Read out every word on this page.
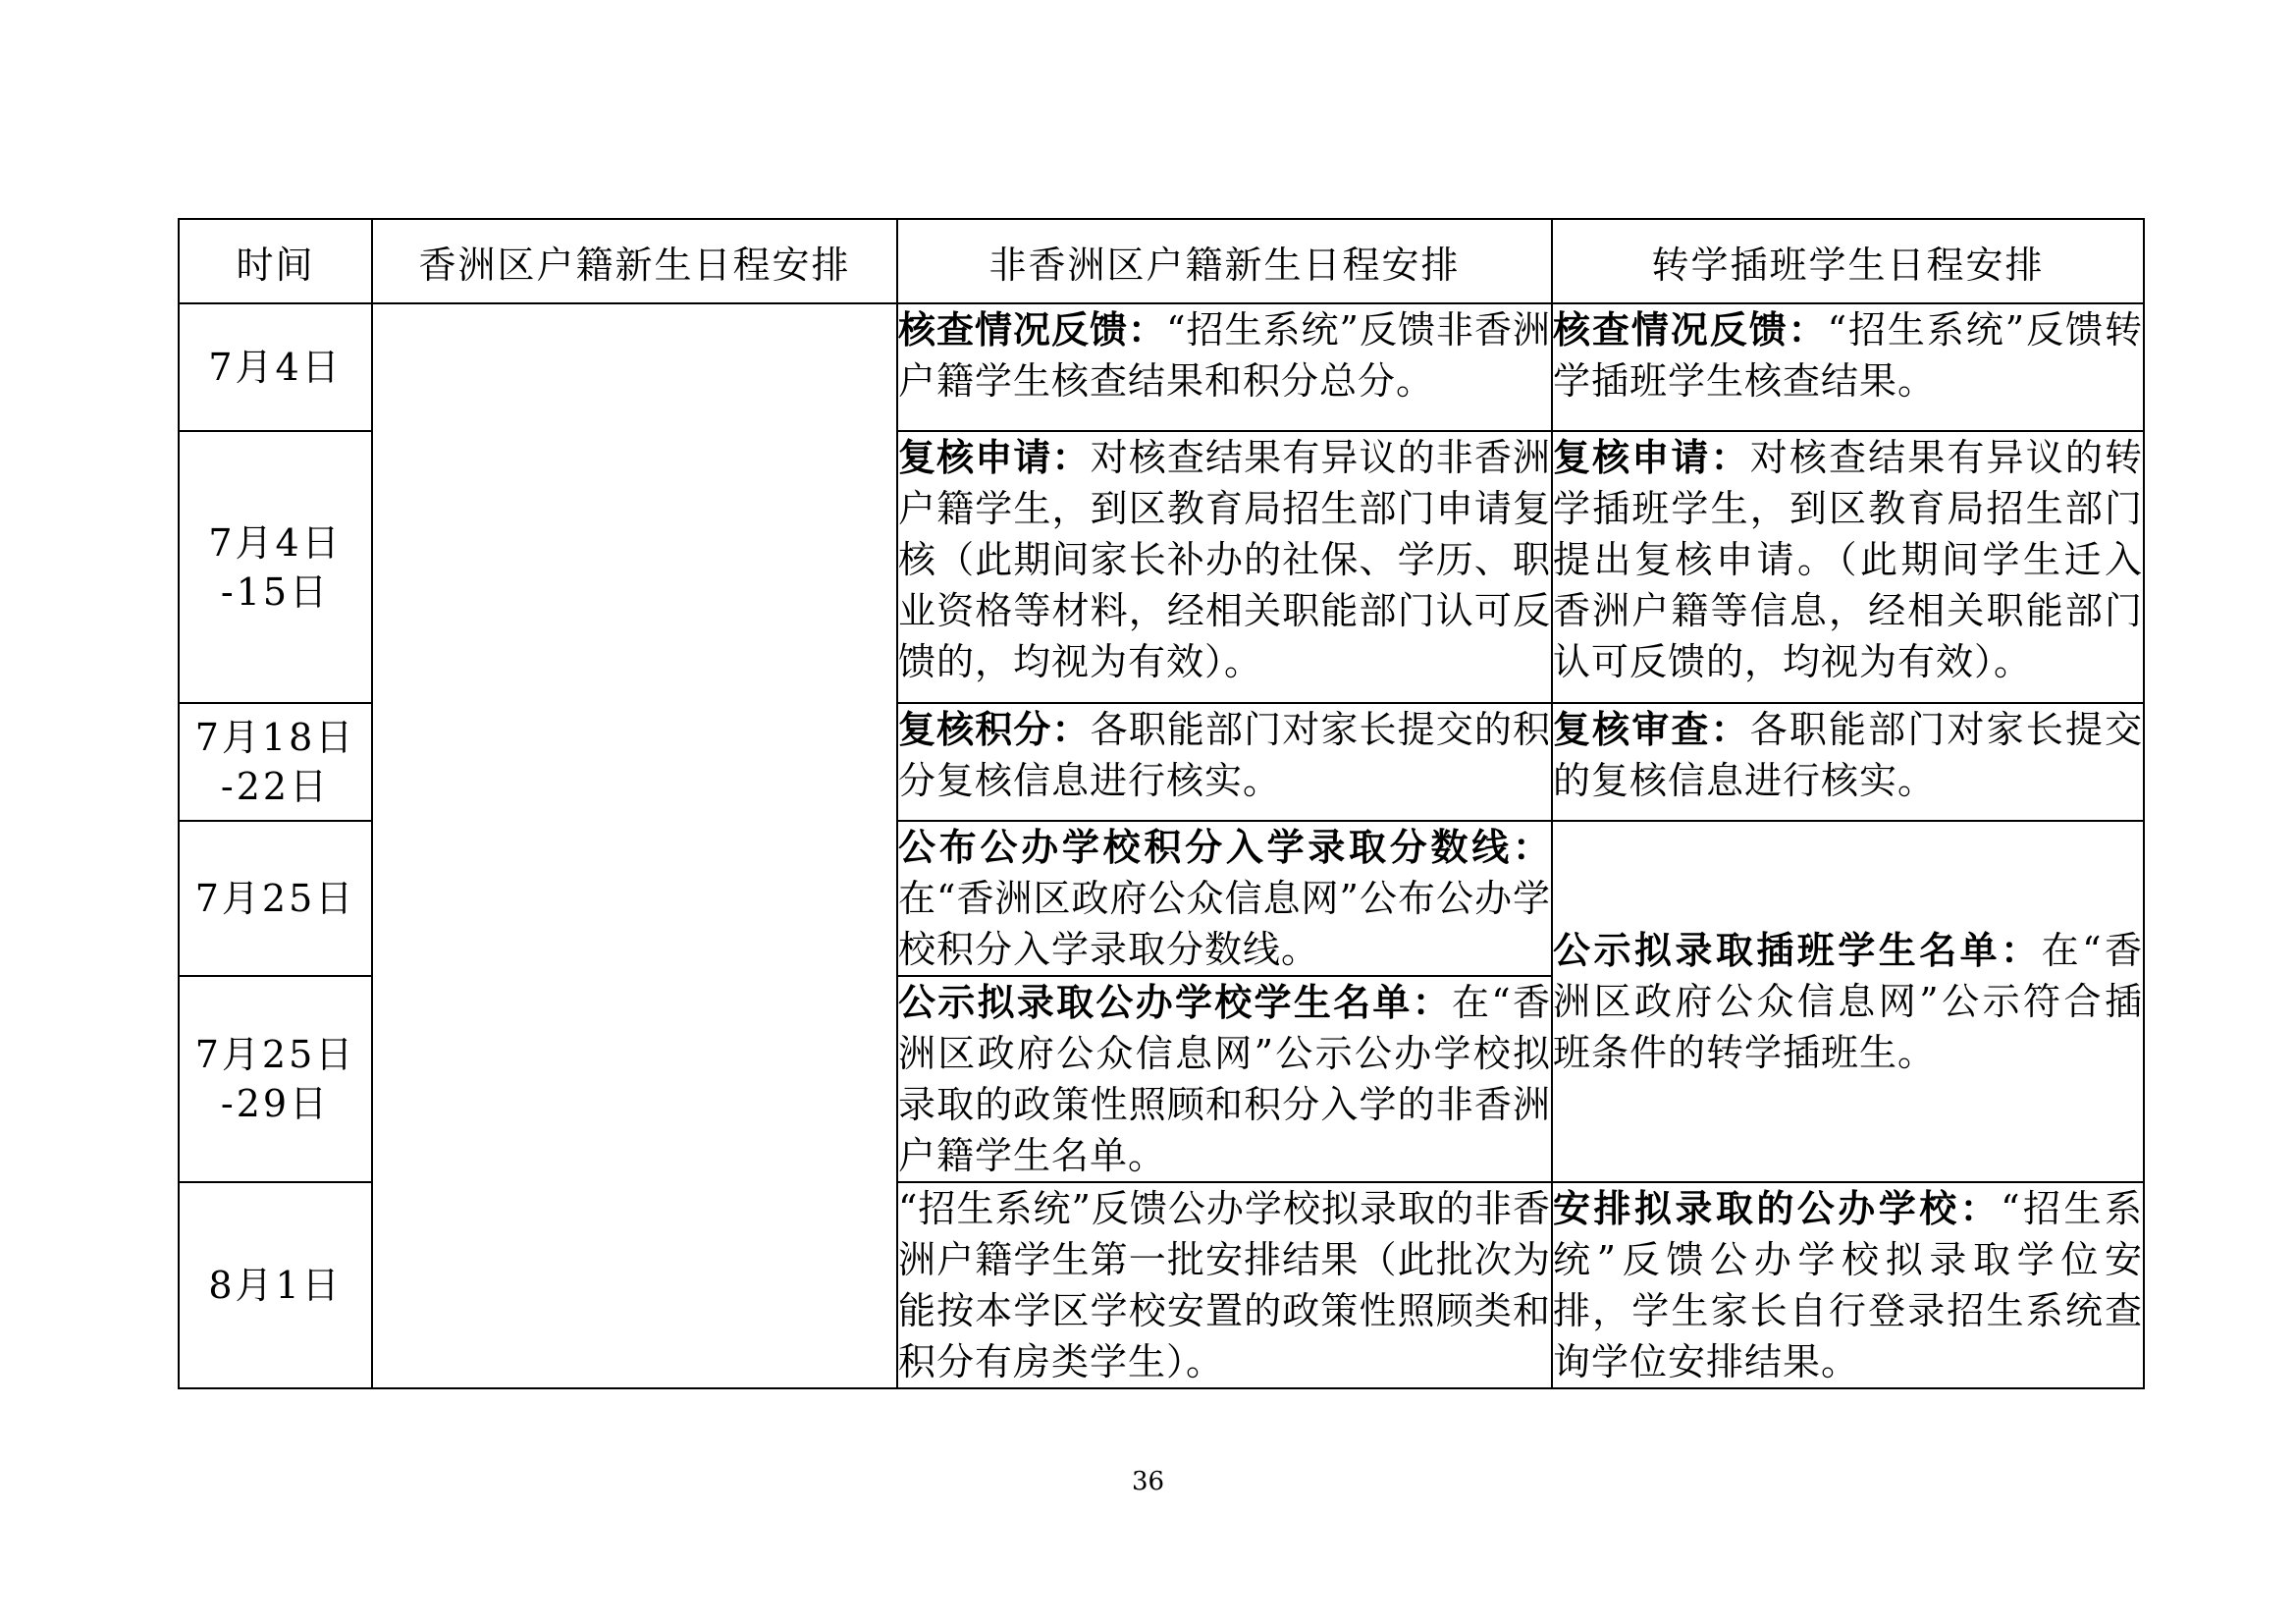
时间	香洲区户籍新生日程安排	非香洲区户籍新生日程安排	转学插班学生日程安排

7月4日		核查情况反馈：“招生系统”反馈非香洲户籍学生核查结果和积分总分。	核查情况反馈：“招生系统”反馈转学插班学生核查结果。

7月4日
-15日		复核申请：对核查结果有异议的非香洲户籍学生，到区教育局招生部门申请复核（此期间家长补办的社保、学历、职业资格等材料，经相关职能部门认可反馈的，均视为有效）。	复核申请：对核查结果有异议的转学插班学生，到区教育局招生部门提出复核申请。（此期间学生迁入香洲户籍等信息，经相关职能部门认可反馈的，均视为有效）。

7月18日
-22日		复核积分：各职能部门对家长提交的积分复核信息进行核实。	复核审查：各职能部门对家长提交的复核信息进行核实。

7月25日		公布公办学校积分入学录取分数线：在“香洲区政府公众信息网”公布公办学校积分入学录取分数线。	公示拟录取插班学生名单：在“香洲区政府公众信息网”公示符合插班条件的转学插班生。

7月25日
-29日		公示拟录取公办学校学生名单：在“香洲区政府公众信息网”公示公办学校拟录取的政策性照顾和积分入学的非香洲户籍学生名单。	

8月1日		“招生系统”反馈公办学校拟录取的非香洲户籍学生第一批安排结果（此批次为能按本学区学校安置的政策性照顾类和积分有房类学生）。	安排拟录取的公办学校：“招生系统”反馈公办学校拟录取学位安排，学生家长自行登录招生系统查询学位安排结果。
36
